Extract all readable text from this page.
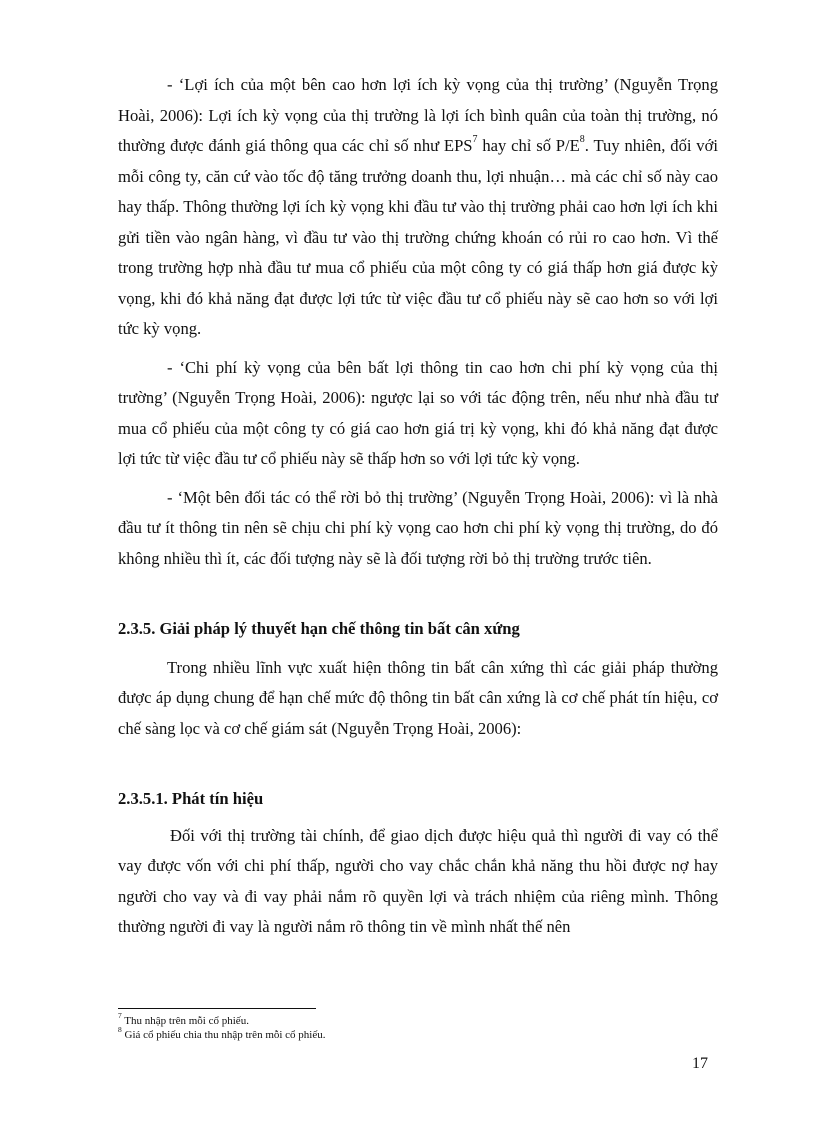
- ‘Lợi ích của một bên cao hơn lợi ích kỳ vọng của thị trường’ (Nguyễn Trọng Hoài, 2006): Lợi ích kỳ vọng của thị trường là lợi ích bình quân của toàn thị trường, nó thường được đánh giá thông qua các chỉ số như EPS$^7$ hay chỉ số $P/E^8$. Tuy nhiên, đối với mỗi công ty, căn cứ vào tốc độ tăng trưởng doanh thu, lợi nhuận… mà các chỉ số này cao hay thấp. Thông thường lợi ích kỳ vọng khi đầu tư vào thị trường phải cao hơn lợi ích khi gửi tiền vào ngân hàng, vì đầu tư vào thị trường chứng khoán có rủi ro cao hơn. Vì thế trong trường hợp nhà đầu tư mua cổ phiếu của một công ty có giá thấp hơn giá được kỳ vọng, khi đó khả năng đạt được lợi tức từ việc đầu tư cổ phiếu này sẽ cao hơn so với lợi tức kỳ vọng.

- ‘Chi phí kỳ vọng của bên bất lợi thông tin cao hơn chi phí kỳ vọng của thị trường’ (Nguyễn Trọng Hoài, 2006): ngược lại so với tác động trên, nếu như nhà đầu tư mua cổ phiếu của một công ty có giá cao hơn giá trị kỳ vọng, khi đó khả năng đạt được lợi tức từ việc đầu tư cổ phiếu này sẽ thấp hơn so với lợi tức kỳ vọng.

- ‘Một bên đối tác có thể rời bỏ thị trường’ (Nguyễn Trọng Hoài, 2006): vì là nhà đầu tư ít thông tin nên sẽ chịu chi phí kỳ vọng cao hơn chi phí kỳ vọng thị trường, do đó không nhiều thì ít, các đối tượng này sẽ là đối tượng rời bỏ thị trường trước tiên.

2.3.5. Giải pháp lý thuyết hạn chế thông tin bất cân xứng

Trong nhiều lĩnh vực xuất hiện thông tin bất cân xứng thì các giải pháp thường được áp dụng chung để hạn chế mức độ thông tin bất cân xứng là cơ chế phát tín hiệu, cơ chế sàng lọc và cơ chế giám sát (Nguyễn Trọng Hoài, 2006):

2.3.5.1. Phát tín hiệu

Đối với thị trường tài chính, để giao dịch được hiệu quả thì người đi vay có thể vay được vốn với chi phí thấp, người cho vay chắc chắn khả năng thu hồi được nợ hay người cho vay và đi vay phải nắm rõ quyền lợi và trách nhiệm của riêng mình. Thông thường người đi vay là người nắm rõ thông tin về mình nhất thế nên

$^7$ Thu nhập trên mỗi cổ phiếu.

$^8$ Giá cổ phiếu chia thu nhập trên mỗi cổ phiếu.

17
